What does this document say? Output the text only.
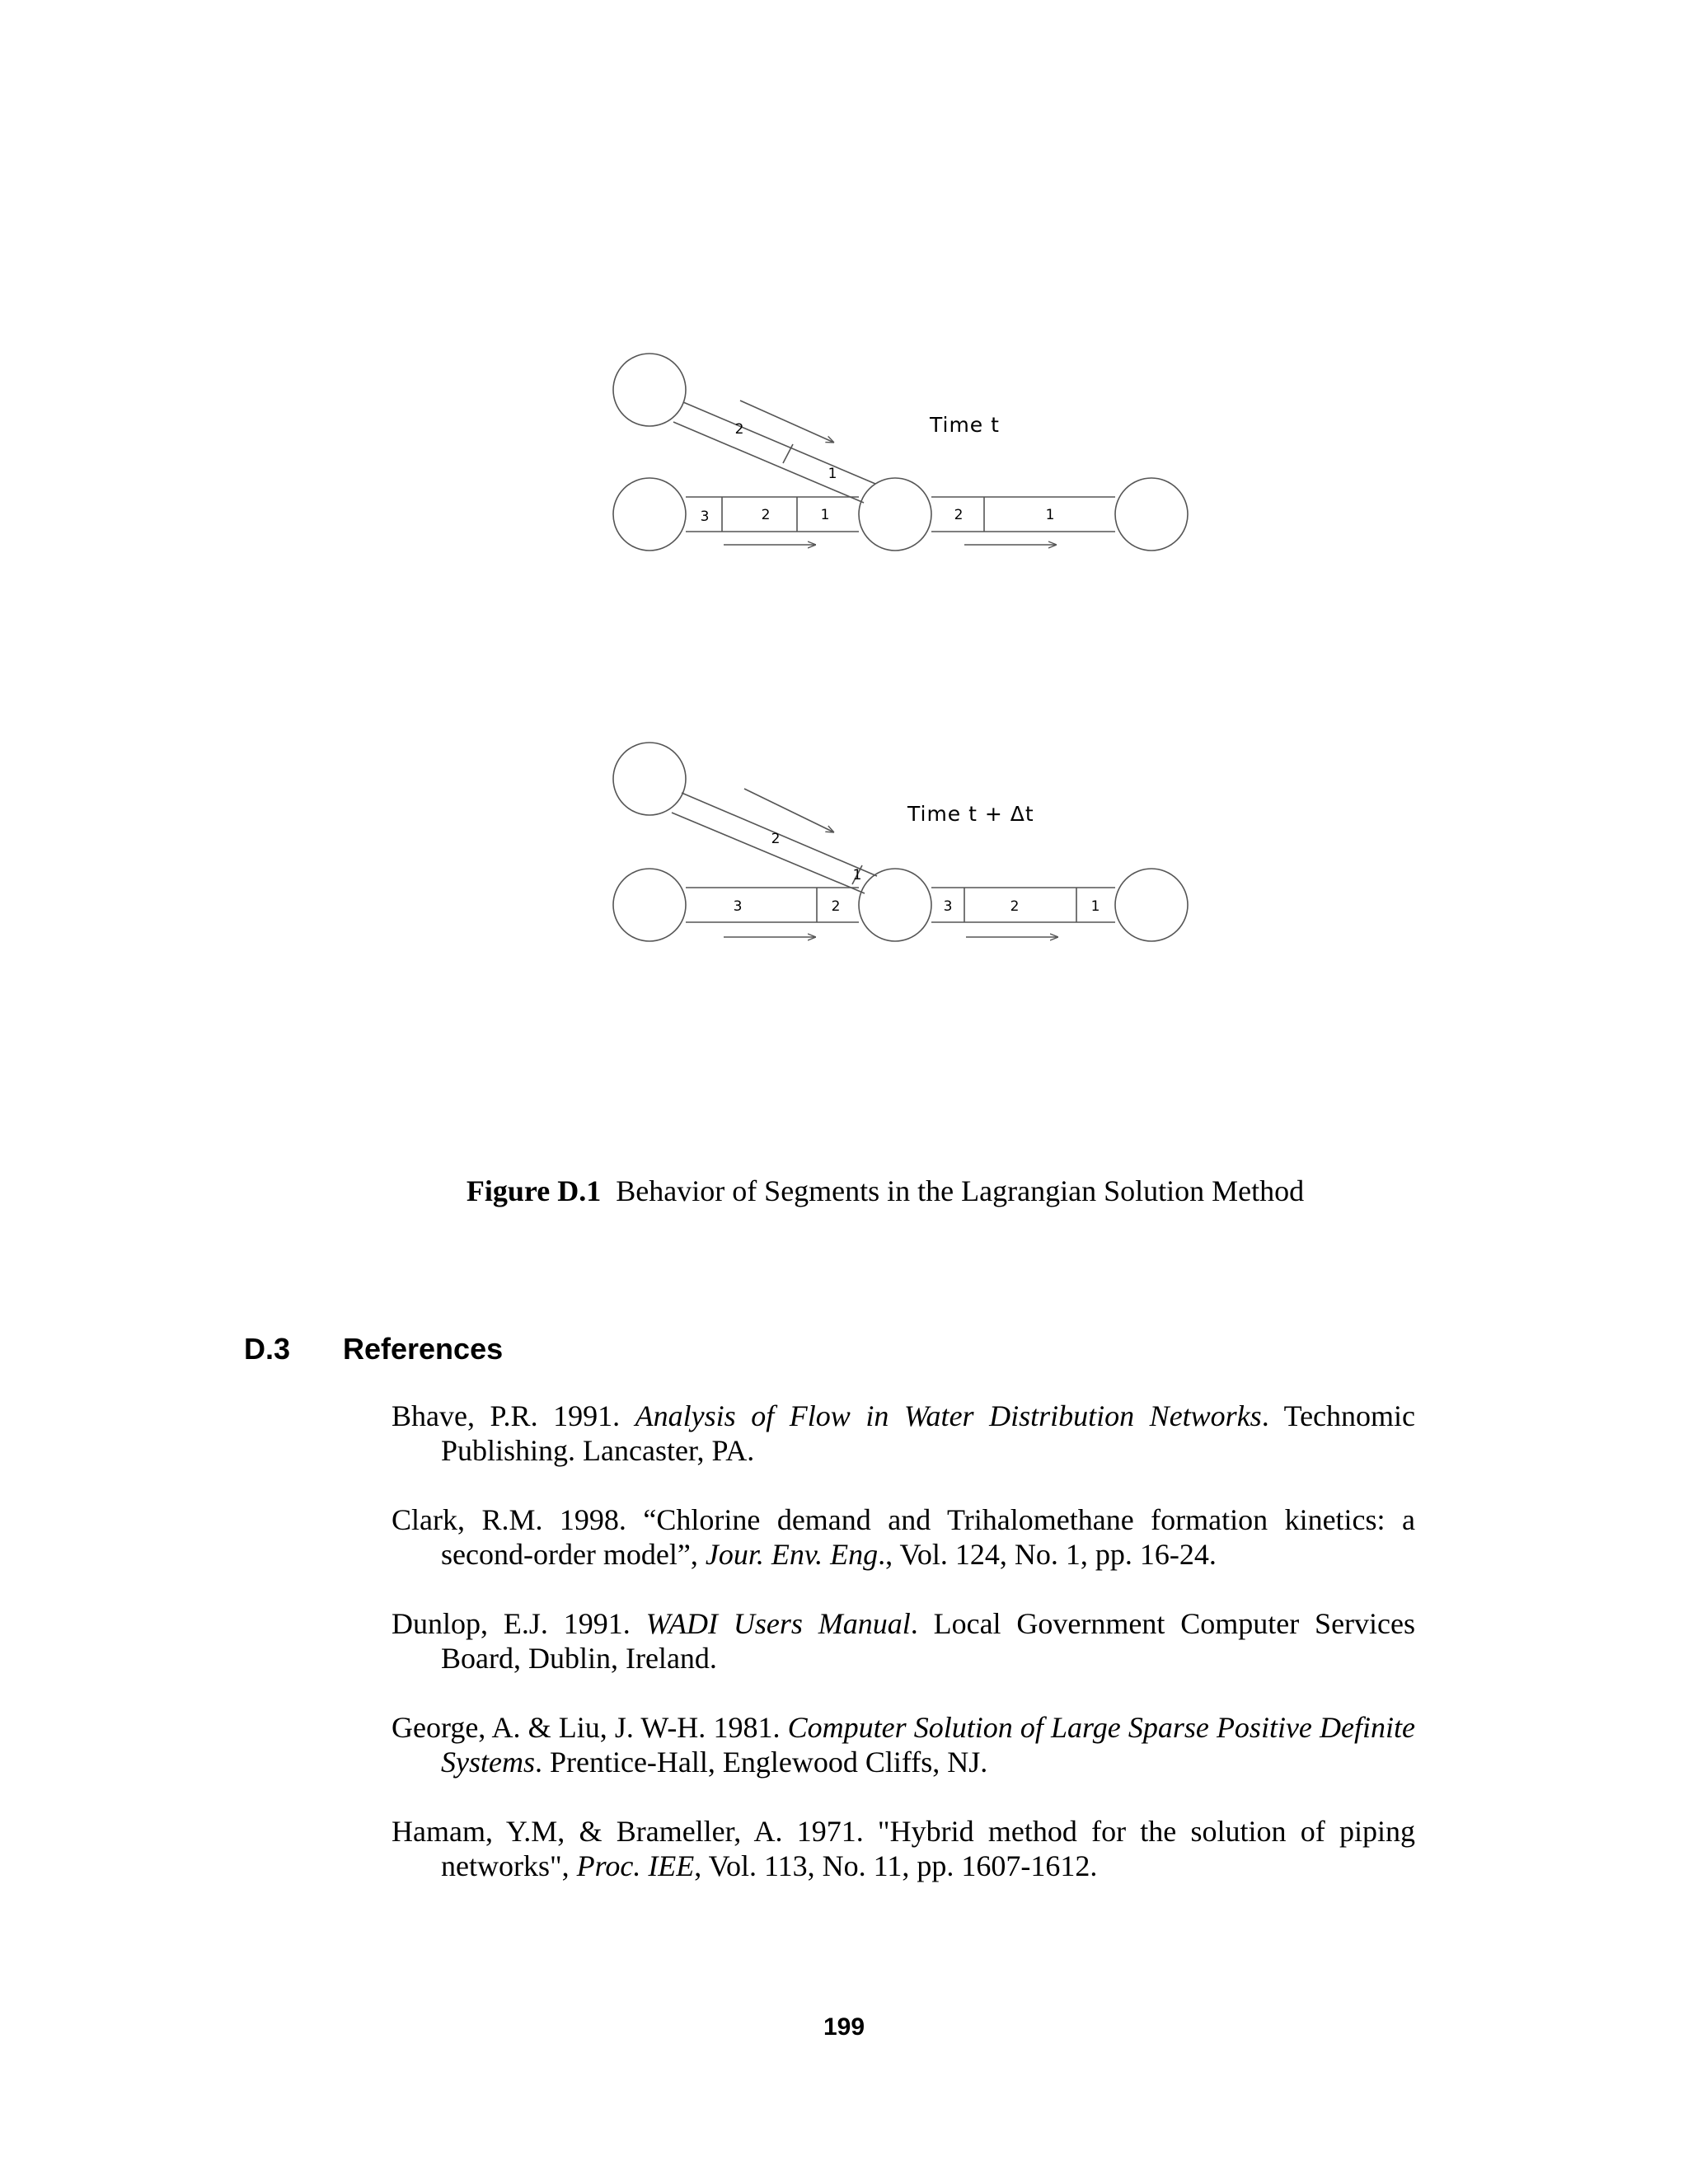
2
1
3	2	1	2	1
Time t
2
1
3	2	3	2	1
Time t + Δt
Figure D.1 Behavior of Segments in the Lagrangian Solution Method
D.3 References

Bhave, P.R. 1991. Analysis of Flow in Water Distribution Networks. Technomic Publishing. Lancaster, PA.

Clark, R.M. 1998. “Chlorine demand and Trihalomethane formation kinetics: a second-order model”, Jour. Env. Eng., Vol. 124, No. 1, pp. 16-24.

Dunlop, E.J. 1991. WADI Users Manual. Local Government Computer Services Board, Dublin, Ireland.

George, A. & Liu, J. W-H. 1981. Computer Solution of Large Sparse Positive Definite Systems. Prentice-Hall, Englewood Cliffs, NJ.

Hamam, Y.M, & Brameller, A. 1971. "Hybrid method for the solution of piping networks", Proc. IEE, Vol. 113, No. 11, pp. 1607-1612.

199
